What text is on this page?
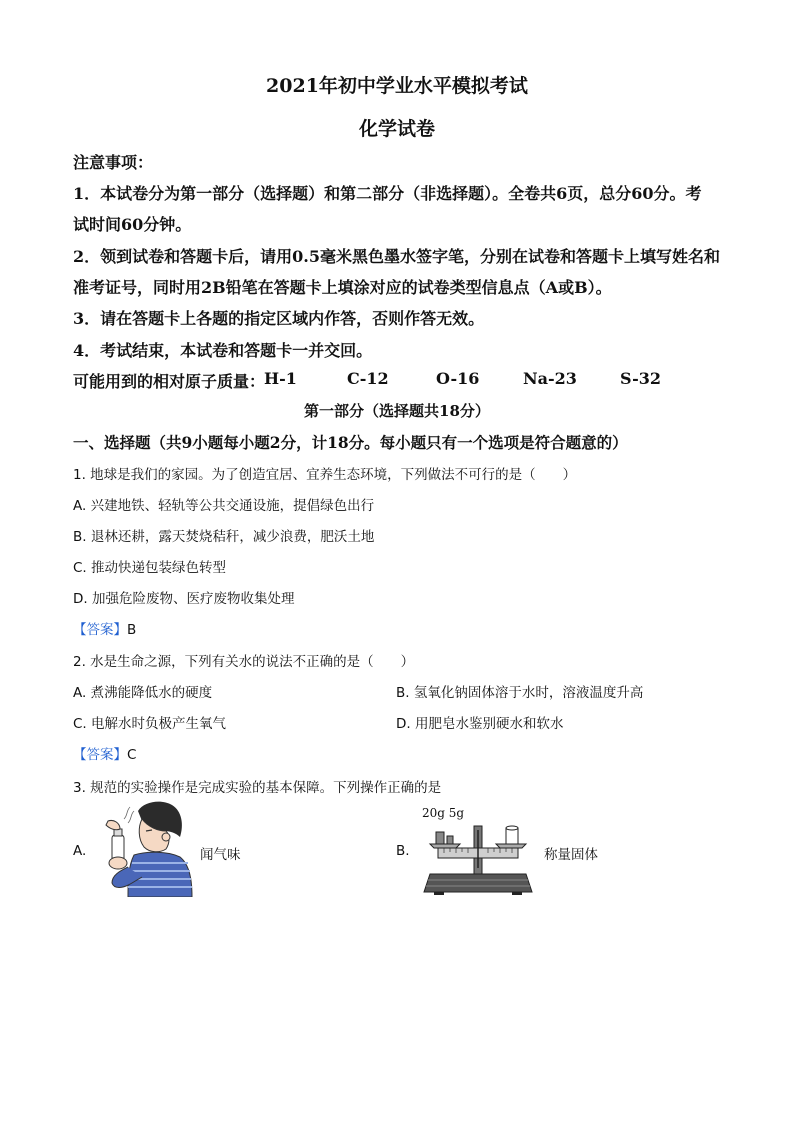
2021年初中学业水平模拟考试
化学试卷
注意事项：
1．本试卷分为第一部分（选择题）和第二部分（非选择题）。全卷共6页，总分60分。考
试时间60分钟。
2．领到试卷和答题卡后，请用0.5毫米黑色墨水签字笔，分别在试卷和答题卡上填写姓名和
准考证号，同时用2B铅笔在答题卡上填涂对应的试卷类型信息点（A或B）。
3．请在答题卡上各题的指定区域内作答，否则作答无效。
4．考试结束，本试卷和答题卡一并交回。
可能用到的相对原子质量：
H-1	C-12	O-16	Na-23	S-32
第一部分（选择题共18分）
一、选择题（共9小题每小题2分，计18分。每小题只有一个选项是符合题意的）
1. 地球是我们的家园。为了创造宜居、宜养生态环境，下列做法不可行的是（　　）
A. 兴建地铁、轻轨等公共交通设施，提倡绿色出行
B. 退林还耕，露天焚烧秸秆，减少浪费，肥沃土地
C. 推动快递包装绿色转型
D. 加强危险废物、医疗废物收集处理
【答案】B
2. 水是生命之源，下列有关水的说法不正确的是（　　）
A. 煮沸能降低水的硬度	B. 氢氧化钠固体溶于水时，溶液温度升高
C. 电解水时负极产生氧气	D. 用肥皂水鉴别硬水和软水
【答案】C
3. 规范的实验操作是完成实验的基本保障。下列操作正确的是
A.	闻气味	B.
20g 5g
称量固体
